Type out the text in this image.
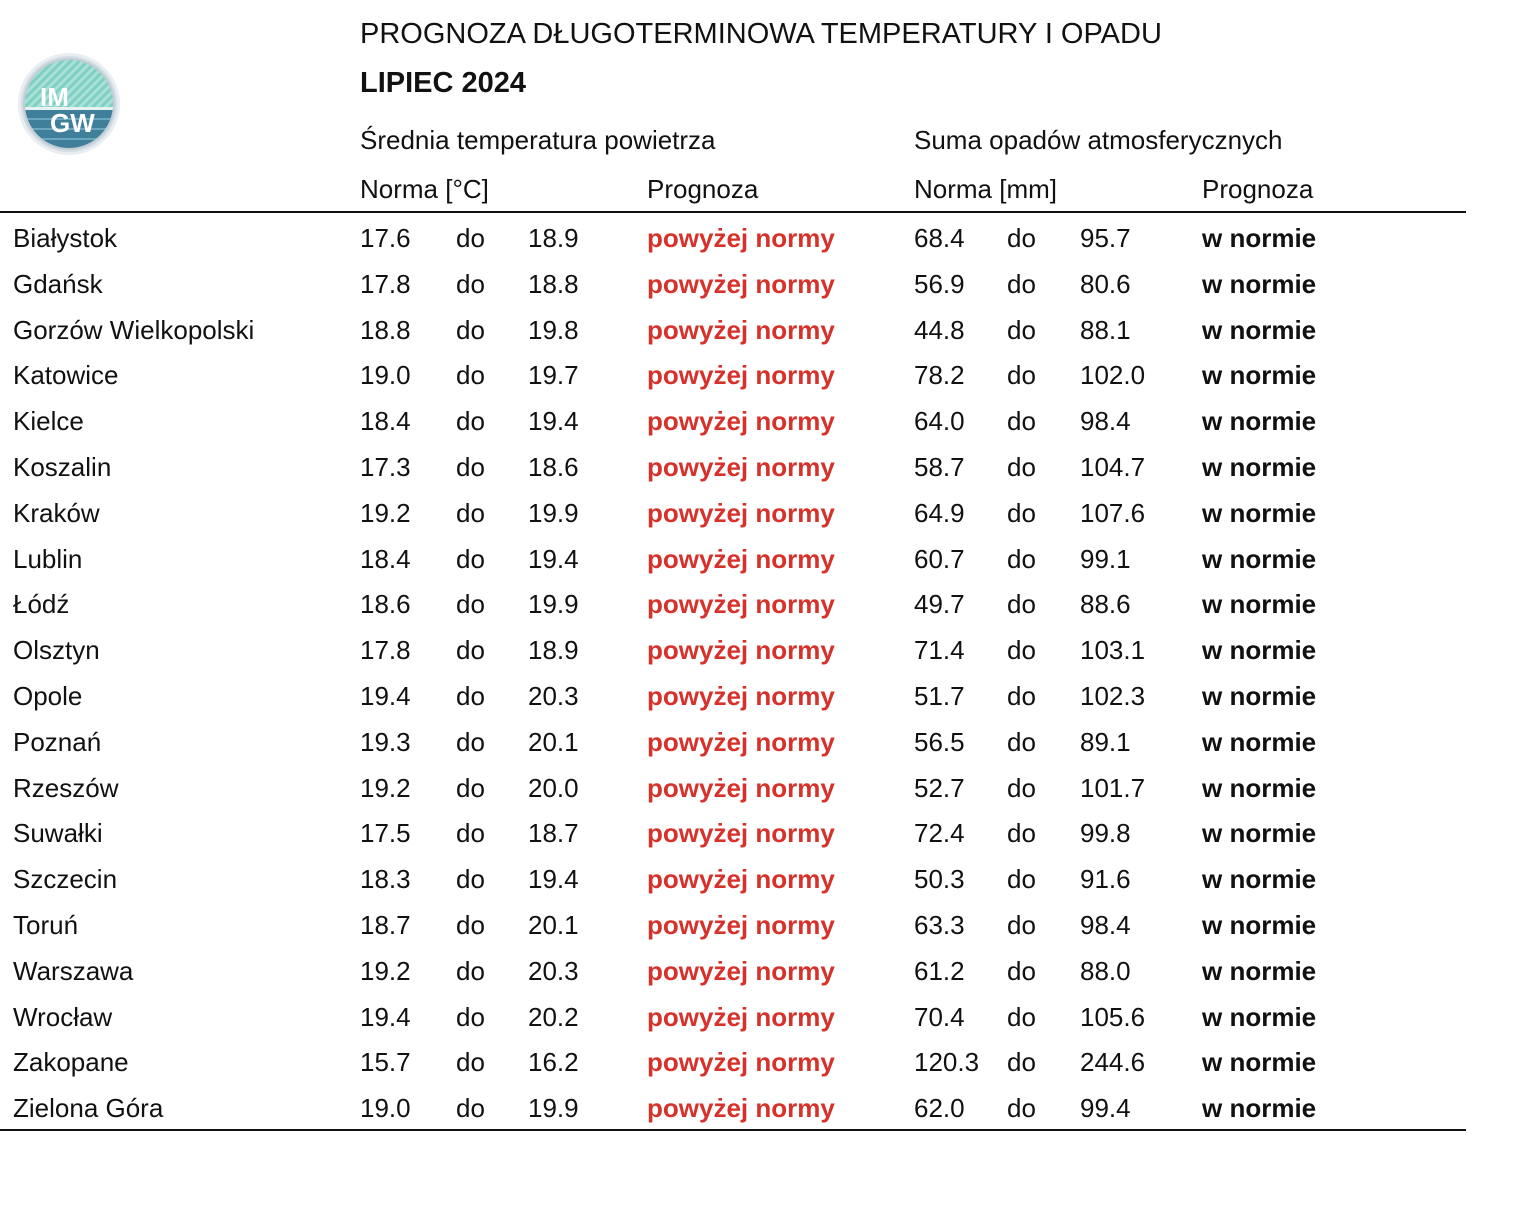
IM
GW
PROGNOZA DŁUGOTERMINOWA TEMPERATURY I OPADU
LIPIEC 2024
Średnia temperatura powietrza	Suma opadów atmosferycznych
Norma [°C]	Prognoza	Norma [mm]	Prognoza
Białystok	17.6 do 18.9	powyżej normy	68.4 do 95.7	w normie
Gdańsk	17.8 do 18.8	powyżej normy	56.9 do 80.6	w normie
Gorzów Wielkopolski	18.8 do 19.8	powyżej normy	44.8 do 88.1	w normie
Katowice	19.0 do 19.7	powyżej normy	78.2 do 102.0 w normie
Kielce	18.4 do 19.4	powyżej normy	64.0 do 98.4	w normie
Koszalin	17.3 do 18.6	powyżej normy	58.7 do 104.7 w normie
Kraków	19.2 do 19.9	powyżej normy	64.9 do 107.6 w normie
Lublin	18.4 do 19.4	powyżej normy	60.7 do 99.1	w normie
Łódź	18.6 do 19.9	powyżej normy	49.7 do 88.6	w normie
Olsztyn	17.8 do 18.9	powyżej normy	71.4 do 103.1 w normie
Opole	19.4 do 20.3	powyżej normy	51.7 do 102.3 w normie
Poznań	19.3 do 20.1	powyżej normy	56.5 do 89.1	w normie
Rzeszów	19.2 do 20.0	powyżej normy	52.7 do 101.7 w normie
Suwałki	17.5 do 18.7	powyżej normy	72.4 do 99.8	w normie
Szczecin	18.3 do 19.4	powyżej normy	50.3 do 91.6	w normie
Toruń	18.7 do 20.1	powyżej normy	63.3 do 98.4	w normie
Warszawa	19.2 do 20.3	powyżej normy	61.2 do 88.0	w normie
Wrocław	19.4 do 20.2	powyżej normy	70.4 do 105.6 w normie
Zakopane	15.7 do 16.2	powyżej normy	120.3 do 244.6 w normie
Zielona Góra	19.0 do 19.9	powyżej normy	62.0 do 99.4	w normie
